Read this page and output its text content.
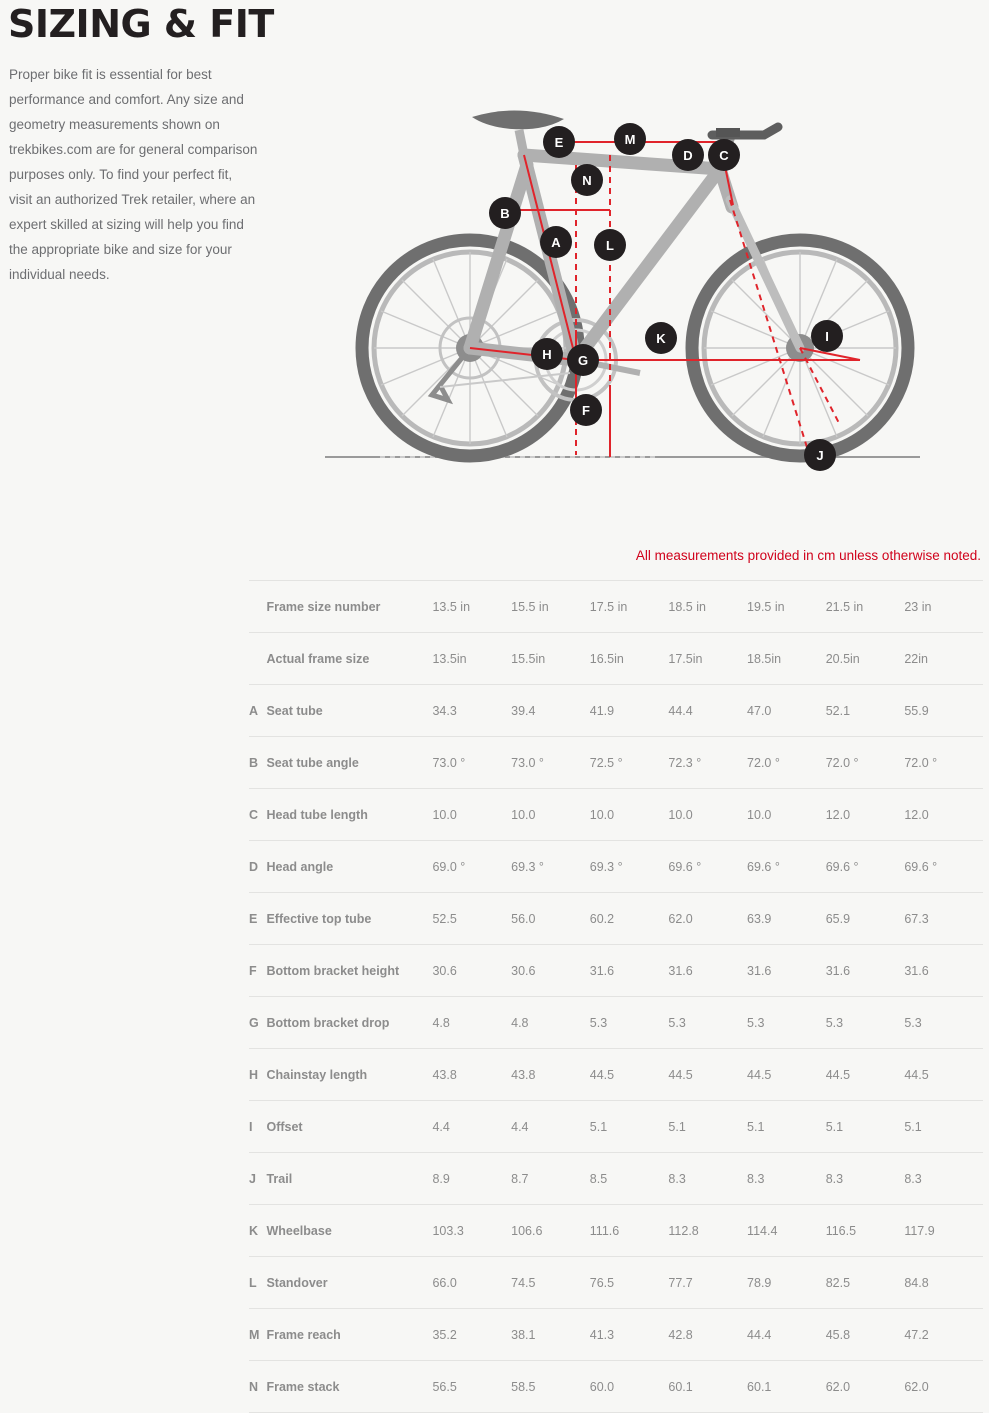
SIZING & FIT
Proper bike fit is essential for best performance and comfort. Any size and geometry measurements shown on trekbikes.com are for general comparison purposes only. To find your perfect fit, visit an authorized Trek retailer, where an expert skilled at sizing will help you find the appropriate bike and size for your individual needs.
E	M
D C
N
B
A	L
K	I
H G
F
J
All measurements provided in cm unless otherwise noted.
	Frame size number	13.5 in	15.5 in	17.5 in	18.5 in	19.5 in	21.5 in	23 in
	Actual frame size	13.5in	15.5in	16.5in	17.5in	18.5in	20.5in	22in
A	Seat tube	34.3	39.4	41.9	44.4	47.0	52.1	55.9
B	Seat tube angle	73.0 °	73.0 °	72.5 °	72.3 °	72.0 °	72.0 °	72.0 °
C	Head tube length	10.0	10.0	10.0	10.0	10.0	12.0	12.0
D	Head angle	69.0 °	69.3 °	69.3 °	69.6 °	69.6 °	69.6 °	69.6 °
E	Effective top tube	52.5	56.0	60.2	62.0	63.9	65.9	67.3
F	Bottom bracket height	30.6	30.6	31.6	31.6	31.6	31.6	31.6
G	Bottom bracket drop	4.8	4.8	5.3	5.3	5.3	5.3	5.3
H	Chainstay length	43.8	43.8	44.5	44.5	44.5	44.5	44.5
I	Offset	4.4	4.4	5.1	5.1	5.1	5.1	5.1
J	Trail	8.9	8.7	8.5	8.3	8.3	8.3	8.3
K	Wheelbase	103.3	106.6	111.6	112.8	114.4	116.5	117.9
L	Standover	66.0	74.5	76.5	77.7	78.9	82.5	84.8
M	Frame reach	35.2	38.1	41.3	42.8	44.4	45.8	47.2
N	Frame stack	56.5	58.5	60.0	60.1	60.1	62.0	62.0
